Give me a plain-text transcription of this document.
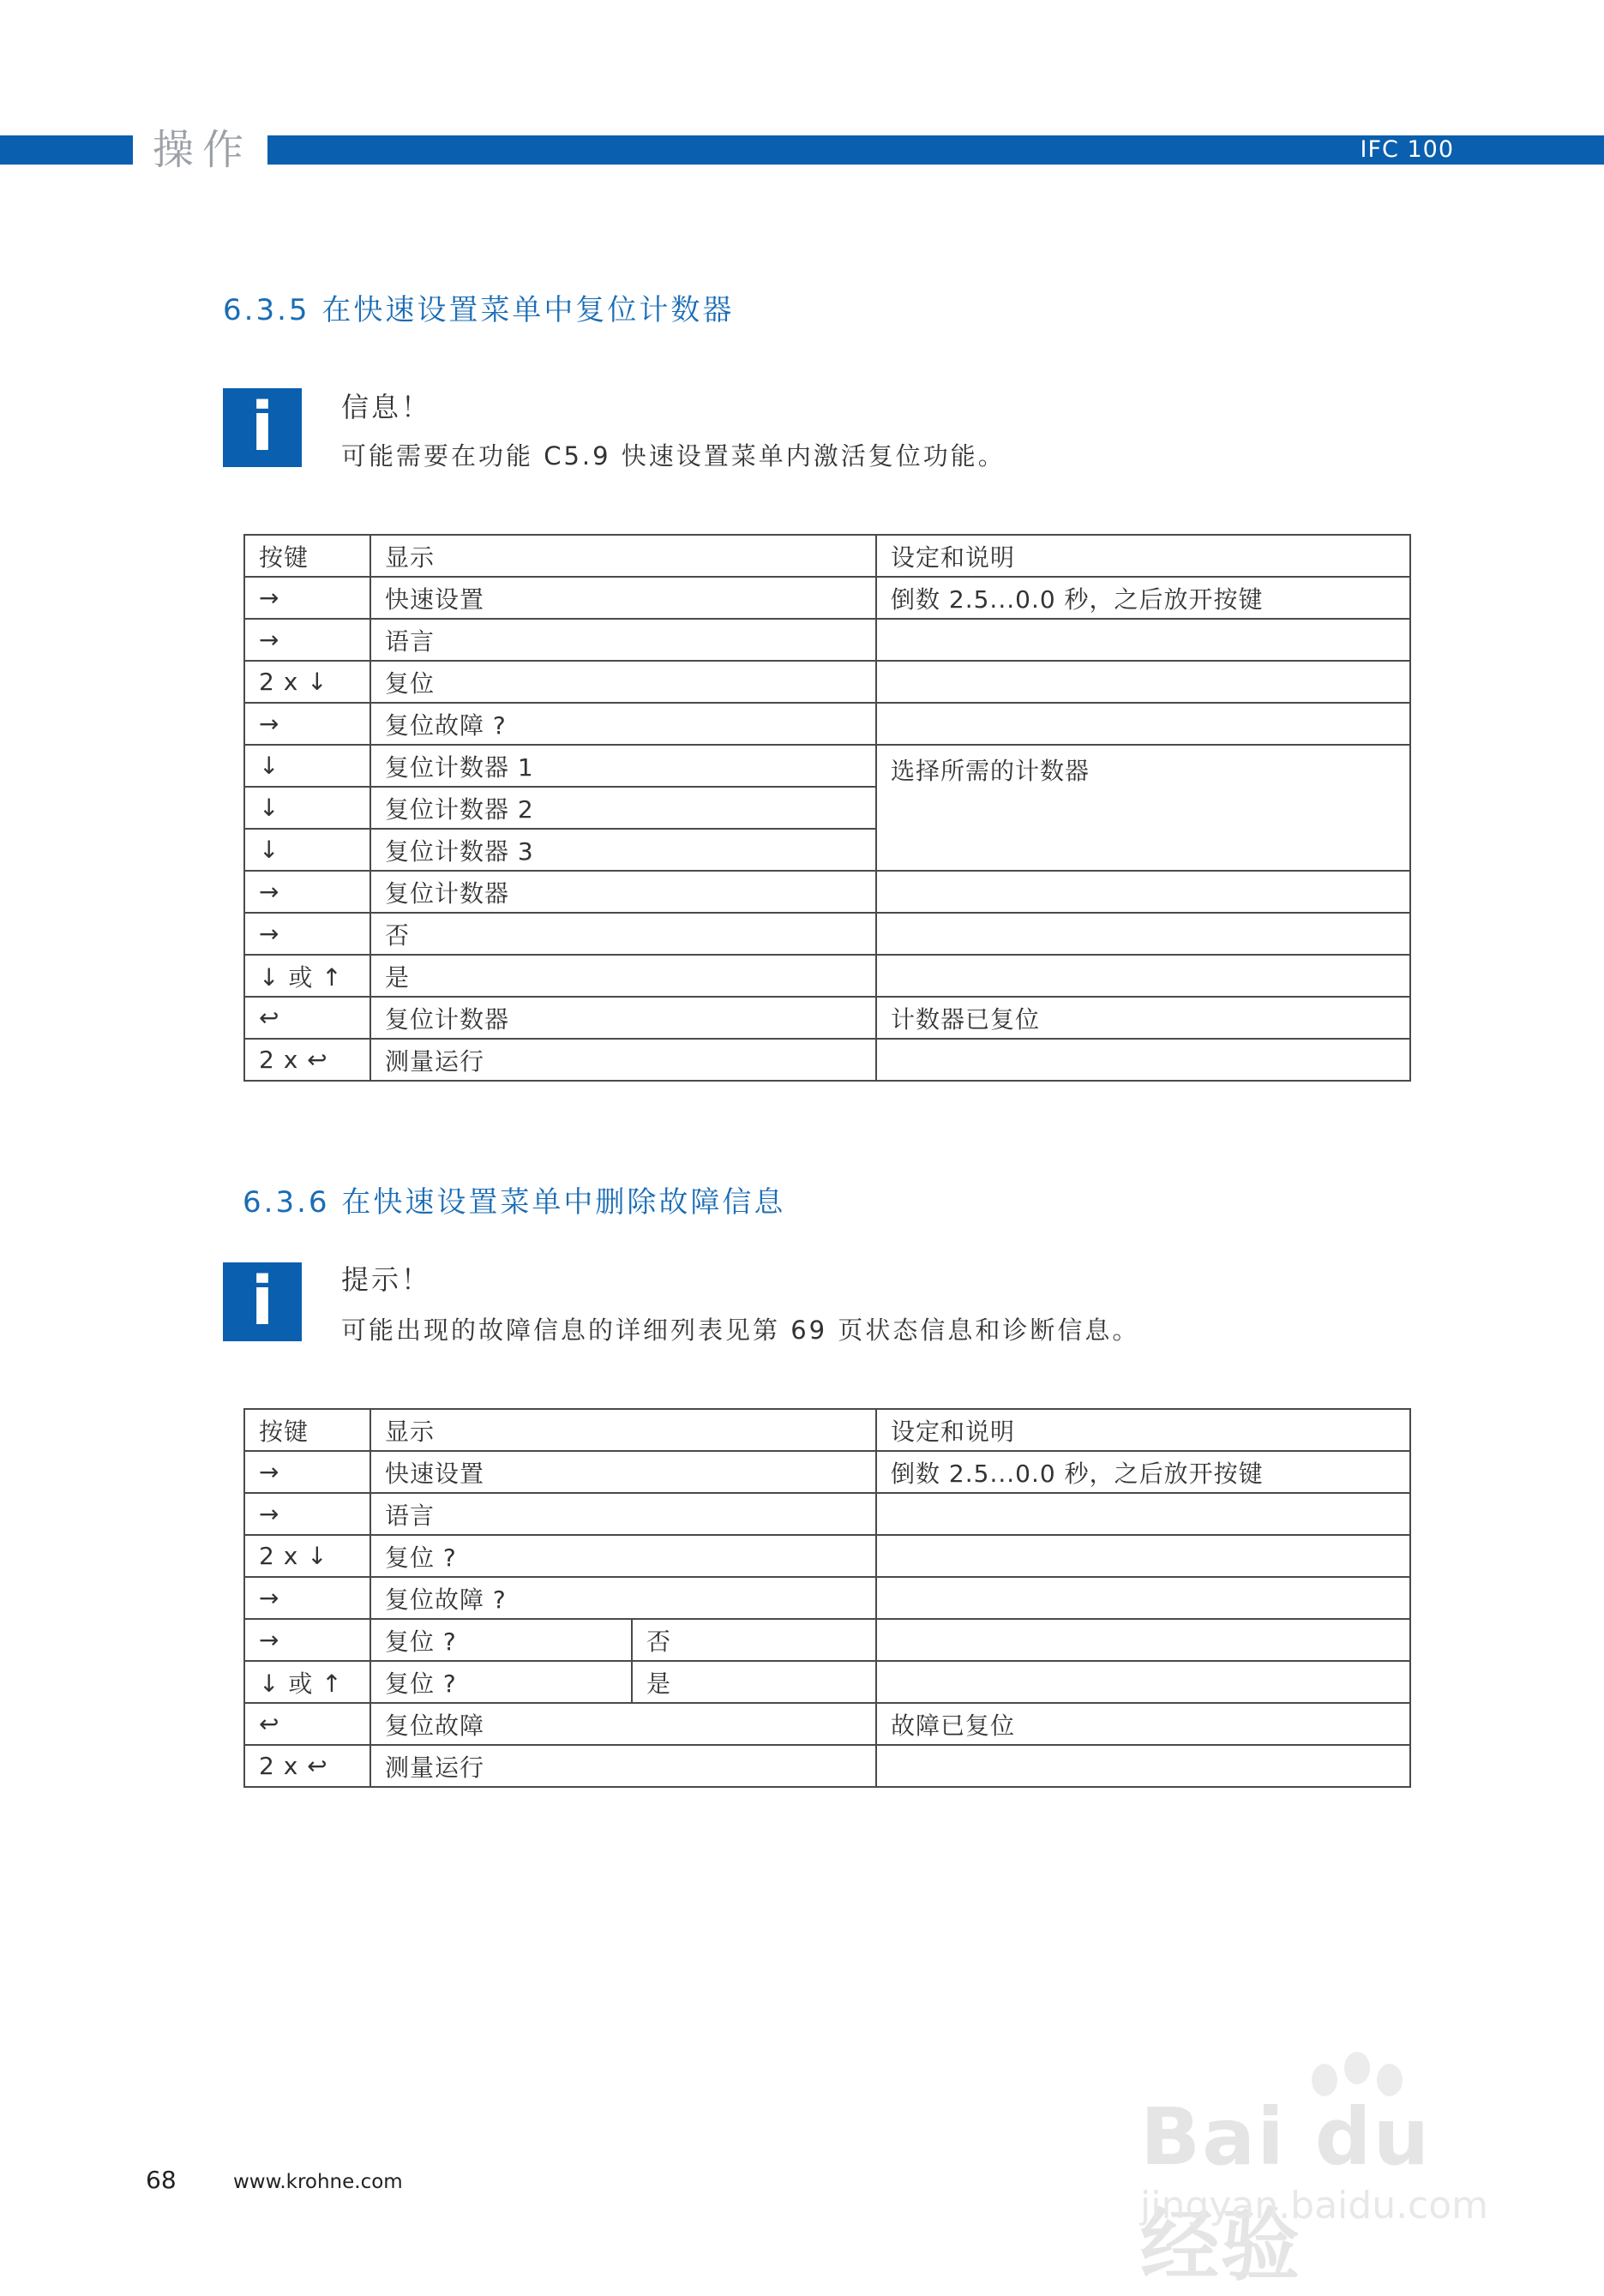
操作	IFC 100
6.3.5 在快速设置菜单中复位计数器
i	信息！
可能需要在功能 C5.9 快速设置菜单内激活复位功能。
按键	显示	设定和说明
→	快速设置	倒数 2.5...0.0 秒，之后放开按键
→	语言	
2 x ↓	复位	
→	复位故障 ?	
↓	复位计数器 1	选择所需的计数器
↓	复位计数器 2	
↓	复位计数器 3	
→	复位计数器	
→	否	
↓ 或 ↑	是	
↩	复位计数器	计数器已复位
2 x ↩	测量运行	
6.3.6 在快速设置菜单中删除故障信息
i	提示！
可能出现的故障信息的详细列表见第 69 页状态信息和诊断信息。
按键	显示		设定和说明
→	快速设置		倒数 2.5...0.0 秒，之后放开按键
→	语言		
2 x ↓	复位 ?		
→	复位故障 ?		
→	复位 ?	否	
↓ 或 ↑	复位 ?	是	
↩	复位故障		故障已复位
2 x ↩	测量运行		
68	www.krohne.com	Bai du 经验
jingyan.baidu.com
